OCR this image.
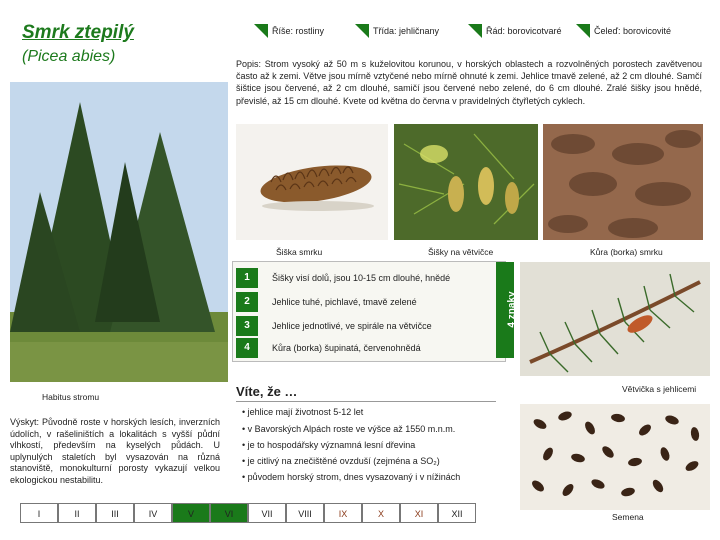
Smrk ztepilý
(Picea abies)
Říše: rostliny	Třída: jehličnany	Řád: borovicotvaré	Čeleď: borovicovité
Popis: Strom vysoký až 50 m s kuželovitou korunou, v horských oblastech a rozvolněných porostech zavětvenou často až k zemi. Větve jsou mírně vztyčené nebo mírně ohnuté k zemi. Jehlice tmavě zelené, až 2 cm dlouhé. Samčí šištice jsou červené, až 2 cm dlouhé, samičí jsou červené nebo zelené, do 6 cm dlouhé. Zralé šišky jsou hnědé, převislé, až 15 cm dlouhé. Kvete od května do června v pravidelných čtyřletých cyklech.
Šiška smrku	Šišky na větvičce	Kůra (borka) smrku
Habitus stromu
1	Šišky visí dolů, jsou 10-15 cm dlouhé, hnědé
2	Jehlice tuhé, pichlavé, tmavě zelené
3	Jehlice jednotlivé, ve spirále na větvičce
4	Kůra (borka) šupinatá, červenohnědá
4 znaky
Větvička s jehlicemi
Víte, že …
• jehlice mají životnost 5-12 let
• v Bavorských Alpách roste ve výšce až 1550 m.n.m.
• je to hospodářsky významná lesní dřevina
• je citlivý na znečištěné ovzduší (zejména a SO₂)
• původem horský strom, dnes vysazovaný i v nížinách
Výskyt: Původně roste v horských lesích, inverzních údolích, v rašeliništích a lokalitách s vyšší půdní vlhkostí, především na kyselých půdách. U uplynulých staletích byl vysazován na různá stanoviště, monokulturní porosty vykazují velkou ekologickou nestabilitu.
I	II	III	IV	V	VI	VII	VIII	IX	X	XI	XII	Semena
